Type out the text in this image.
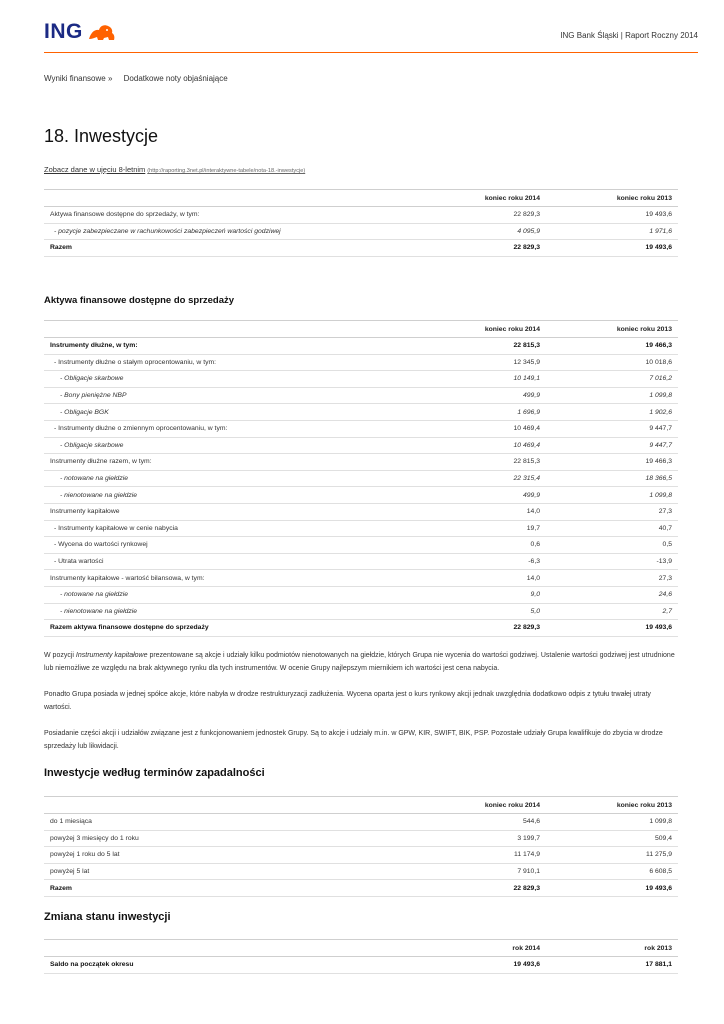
ING	ING Bank Śląski | Raport Roczny 2014
Wyniki finansowe » Dodatkowe noty objaśniające
18. Inwestycje
Zobacz dane w ujęciu 8-letnim (http://raporting.3net.pl/interaktywne-tabele/nota-18.-inwestycje)
	koniec roku 2014	koniec roku 2013
Aktywa finansowe dostępne do sprzedaży, w tym:	22 829,3	19 493,6
- pozycje zabezpieczane w rachunkowości zabezpieczeń wartości godziwej	4 095,9	1 971,6
Razem	22 829,3	19 493,6
Aktywa finansowe dostępne do sprzedaży
	koniec roku 2014	koniec roku 2013
Instrumenty dłużne, w tym:	22 815,3	19 466,3
- Instrumenty dłużne o stałym oprocentowaniu, w tym:	12 345,9	10 018,6
- Obligacje skarbowe	10 149,1	7 016,2
- Bony pieniężne NBP	499,9	1 099,8
- Obligacje BGK	1 696,9	1 902,6
- Instrumenty dłużne o zmiennym oprocentowaniu, w tym:	10 469,4	9 447,7
- Obligacje skarbowe	10 469,4	9 447,7
Instrumenty dłużne razem, w tym:	22 815,3	19 466,3
- notowane na giełdzie	22 315,4	18 366,5
- nienotowane na giełdzie	499,9	1 099,8
Instrumenty kapitałowe	14,0	27,3
- Instrumenty kapitałowe w cenie nabycia	19,7	40,7
- Wycena do wartości rynkowej	0,6	0,5
- Utrata wartości	-6,3	-13,9
Instrumenty kapitałowe - wartość bilansowa, w tym:	14,0	27,3
- notowane na giełdzie	9,0	24,6
- nienotowane na giełdzie	5,0	2,7
Razem aktywa finansowe dostępne do sprzedaży	22 829,3	19 493,6

W pozycji Instrumenty kapitałowe prezentowane są akcje i udziały kilku podmiotów nienotowanych na giełdzie, których Grupa nie wycenia do wartości godziwej. Ustalenie wartości godziwej jest utrudnione lub niemożliwe ze względu na brak aktywnego rynku dla tych instrumentów. W ocenie Grupy najlepszym miernikiem ich wartości jest cena nabycia.

Ponadto Grupa posiada w jednej spółce akcje, które nabyła w drodze restrukturyzacji zadłużenia. Wycena oparta jest o kurs rynkowy akcji jednak uwzględnia dodatkowo odpis z tytułu trwałej utraty wartości.

Posiadanie części akcji i udziałów związane jest z funkcjonowaniem jednostek Grupy. Są to akcje i udziały m.in. w GPW, KIR, SWIFT, BIK, PSP. Pozostałe udziały Grupa kwalifikuje do zbycia w drodze sprzedaży lub likwidacji.

Inwestycje według terminów zapadalności
	koniec roku 2014	koniec roku 2013
do 1 miesiąca	544,6	1 099,8
powyżej 3 miesięcy do 1 roku	3 199,7	509,4
powyżej 1 roku do 5 lat	11 174,9	11 275,9
powyżej 5 lat	7 910,1	6 608,5
Razem	22 829,3	19 493,6
Zmiana stanu inwestycji
	rok 2014	rok 2013
Saldo na początek okresu	19 493,6	17 881,1
